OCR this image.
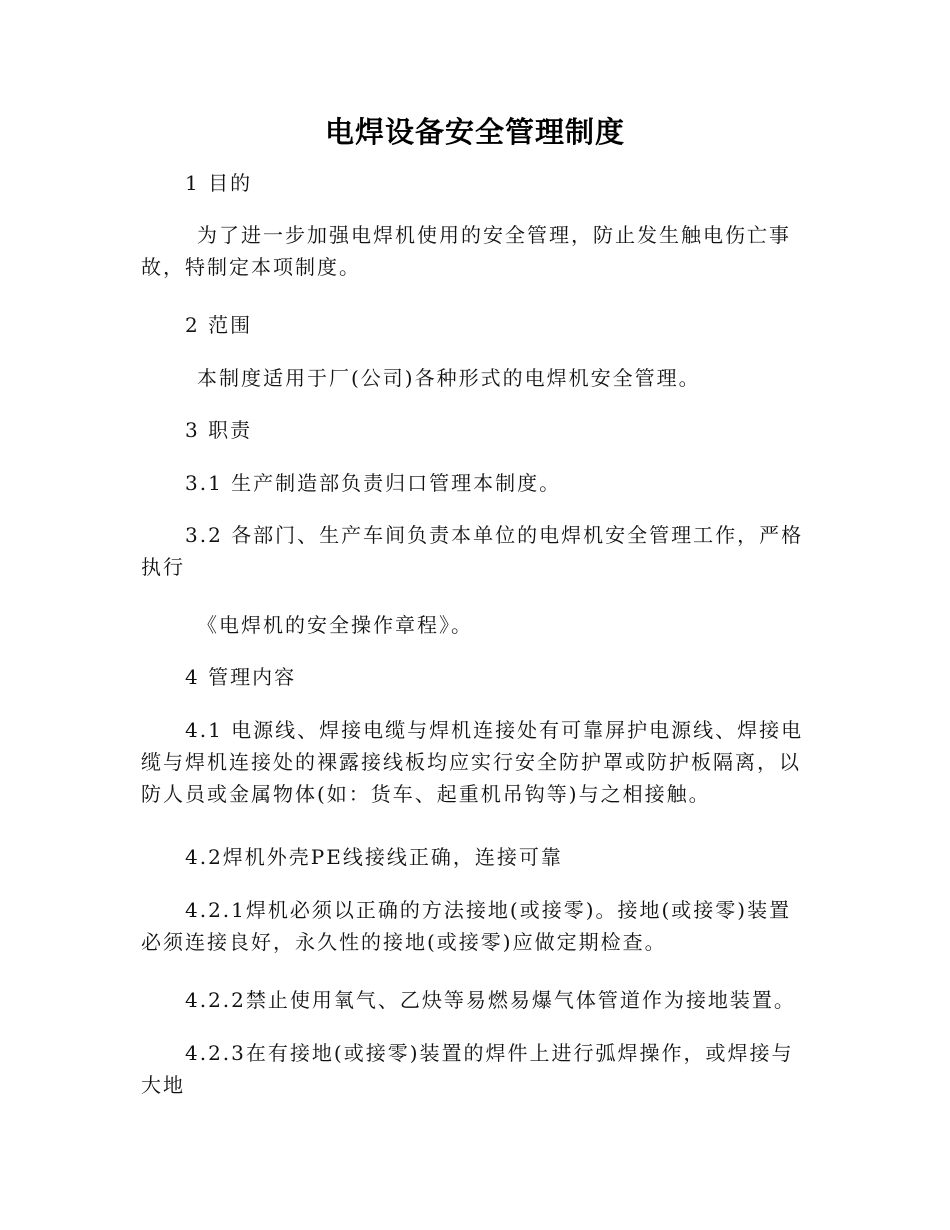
电焊设备安全管理制度

1 目的

为了进一步加强电焊机使用的安全管理，防止发生触电伤亡事故，特制定本项制度。

2 范围

本制度适用于厂(公司)各种形式的电焊机安全管理。

3 职责

3.1 生产制造部负责归口管理本制度。

3.2 各部门、生产车间负责本单位的电焊机安全管理工作，严格执行

《电焊机的安全操作章程》。

4 管理内容

4.1 电源线、焊接电缆与焊机连接处有可靠屏护电源线、焊接电缆与焊机连接处的裸露接线板均应实行安全防护罩或防护板隔离，以防人员或金属物体(如：货车、起重机吊钩等)与之相接触。

4.2焊机外壳PE线接线正确，连接可靠

4.2.1焊机必须以正确的方法接地(或接零)。接地(或接零)装置必须连接良好，永久性的接地(或接零)应做定期检查。

4.2.2禁止使用氧气、乙炔等易燃易爆气体管道作为接地装置。

4.2.3在有接地(或接零)装置的焊件上进行弧焊操作，或焊接与大地
